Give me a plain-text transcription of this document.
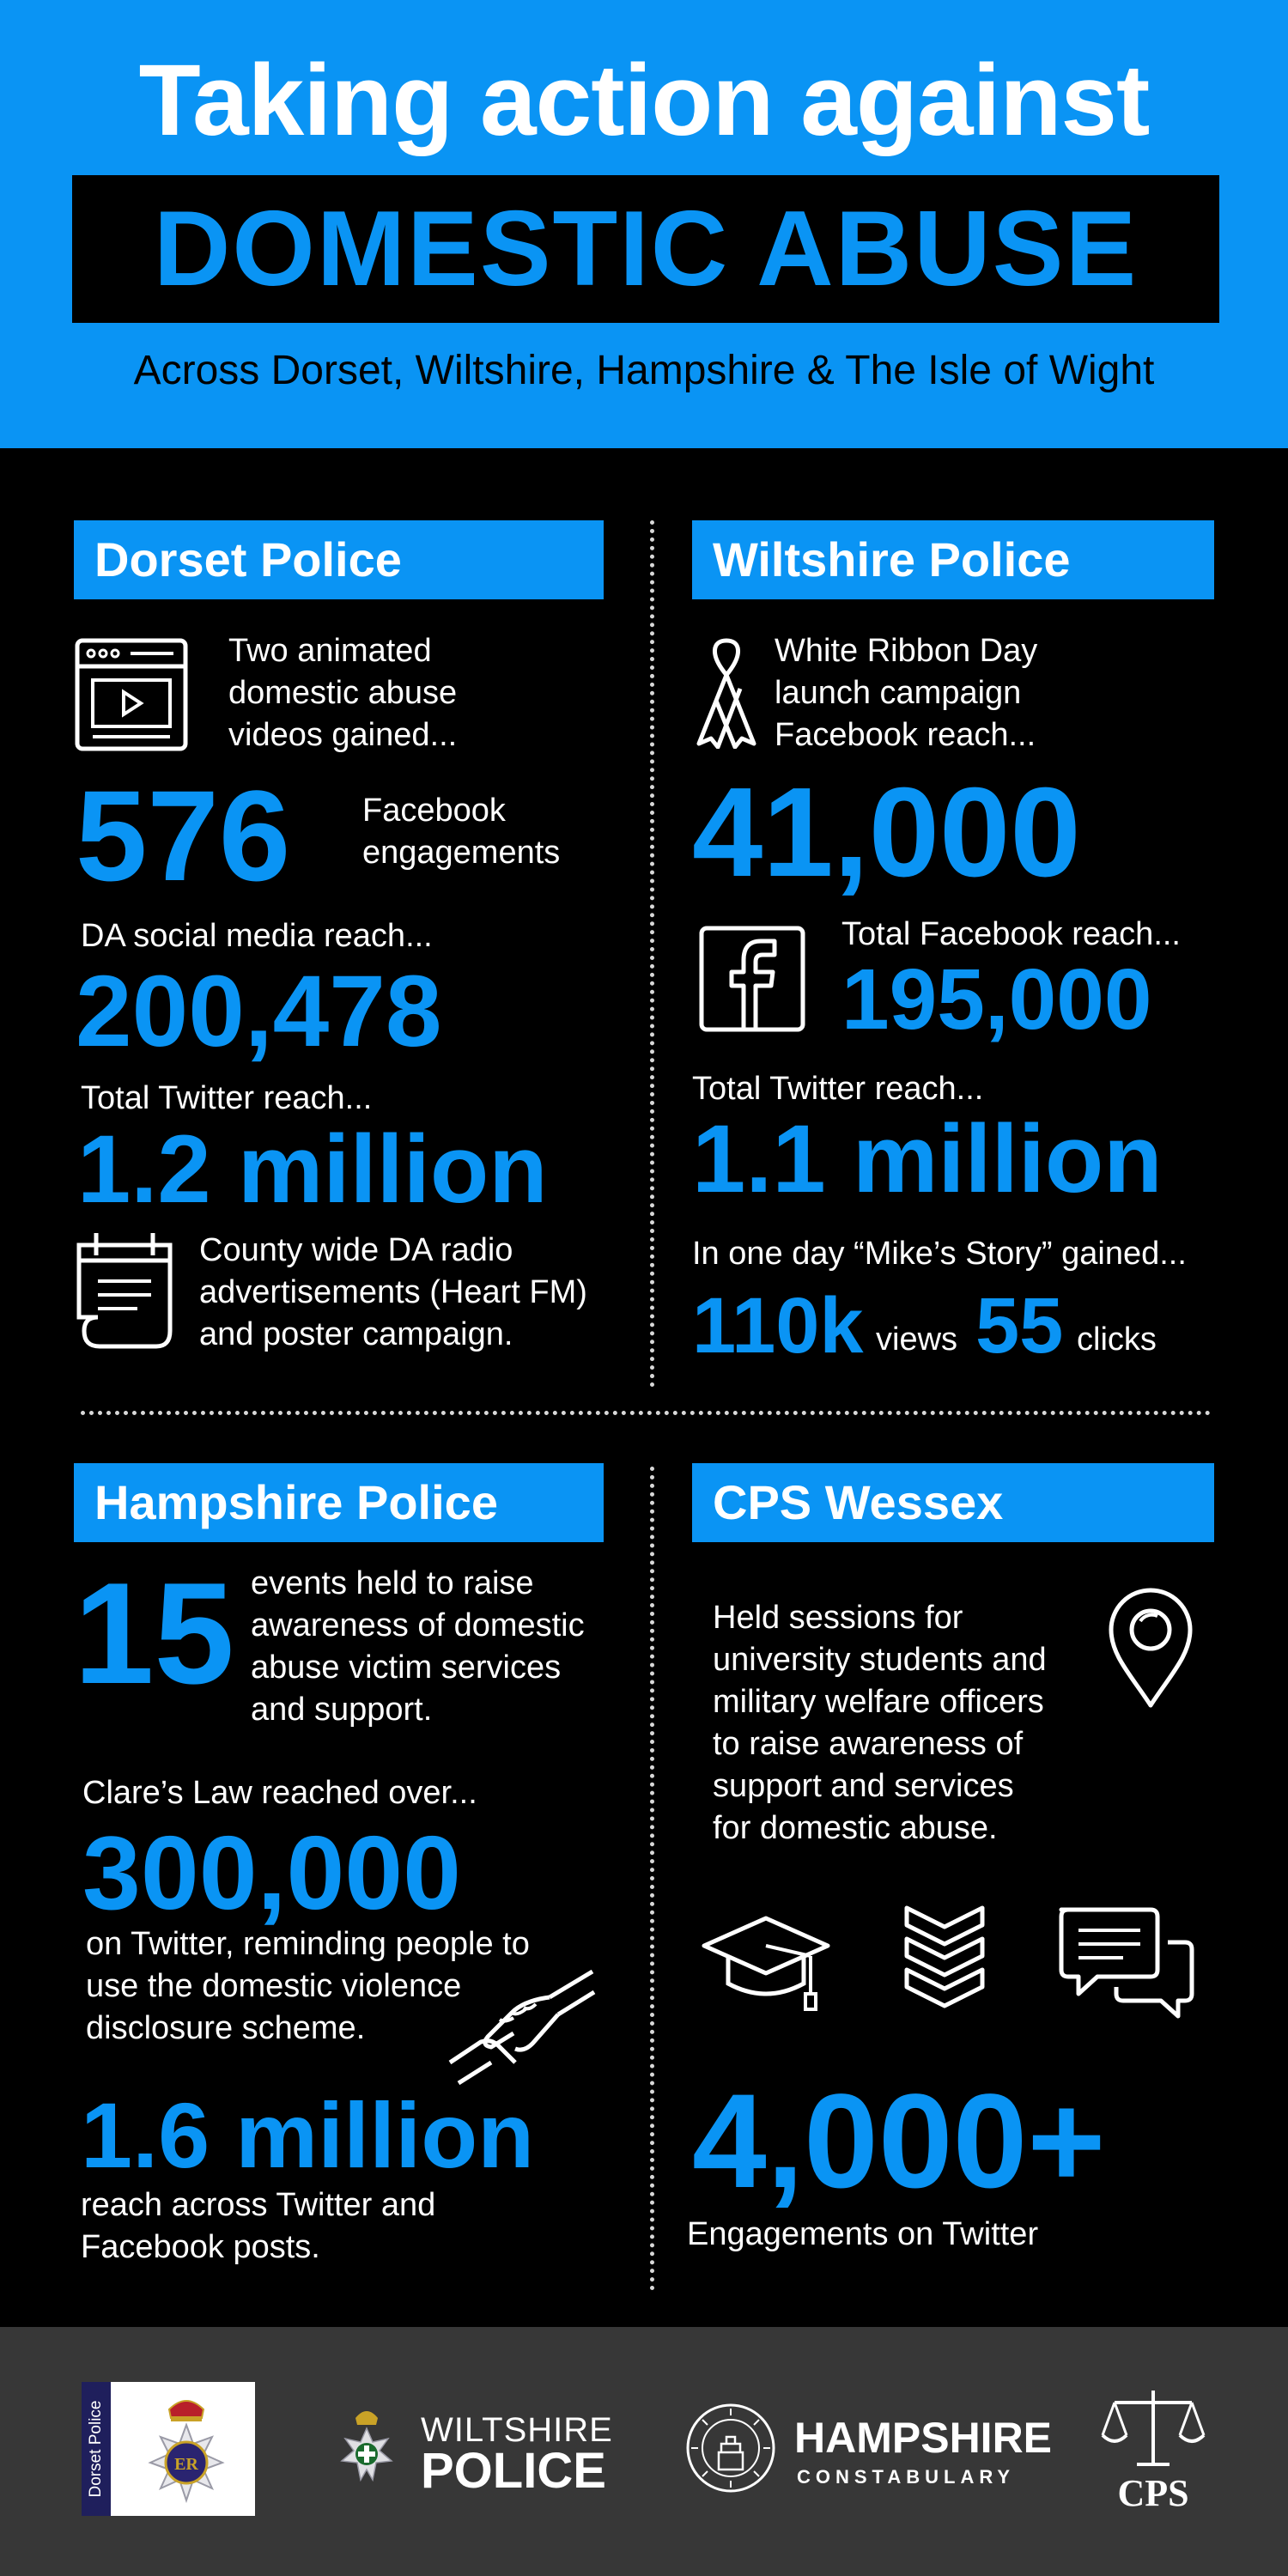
Taking action against
DOMESTIC ABUSE
Across Dorset, Wiltshire, Hampshire & The Isle of Wight
Dorset Police
Two animated
domestic abuse
videos gained...
576 Facebook
engagements
DA social media reach...
200,478
Total Twitter reach...
1.2 million
County wide DA radio
advertisements (Heart FM)
and poster campaign.
Wiltshire Police
White Ribbon Day
launch campaign
Facebook reach...
41,000
Total Facebook reach...
195,000
Total Twitter reach...
1.1 million
In one day “Mike’s Story” gained...
110k views 55 clicks
Hampshire Police
15 events held to raise
awareness of domestic
abuse victim services
and support.
Clare’s Law reached over...
300,000
on Twitter, reminding people to
use the domestic violence
disclosure scheme.
1.6 million
reach across Twitter and
Facebook posts.
CPS Wessex
Held sessions for
university students and
military welfare officers
to raise awareness of
support and services
for domestic abuse.
4,000+
Engagements on Twitter
Dorset Police	ER
WILTSHIRE
POLICE
HAMPSHIRE
CONSTABULARY	CPS
